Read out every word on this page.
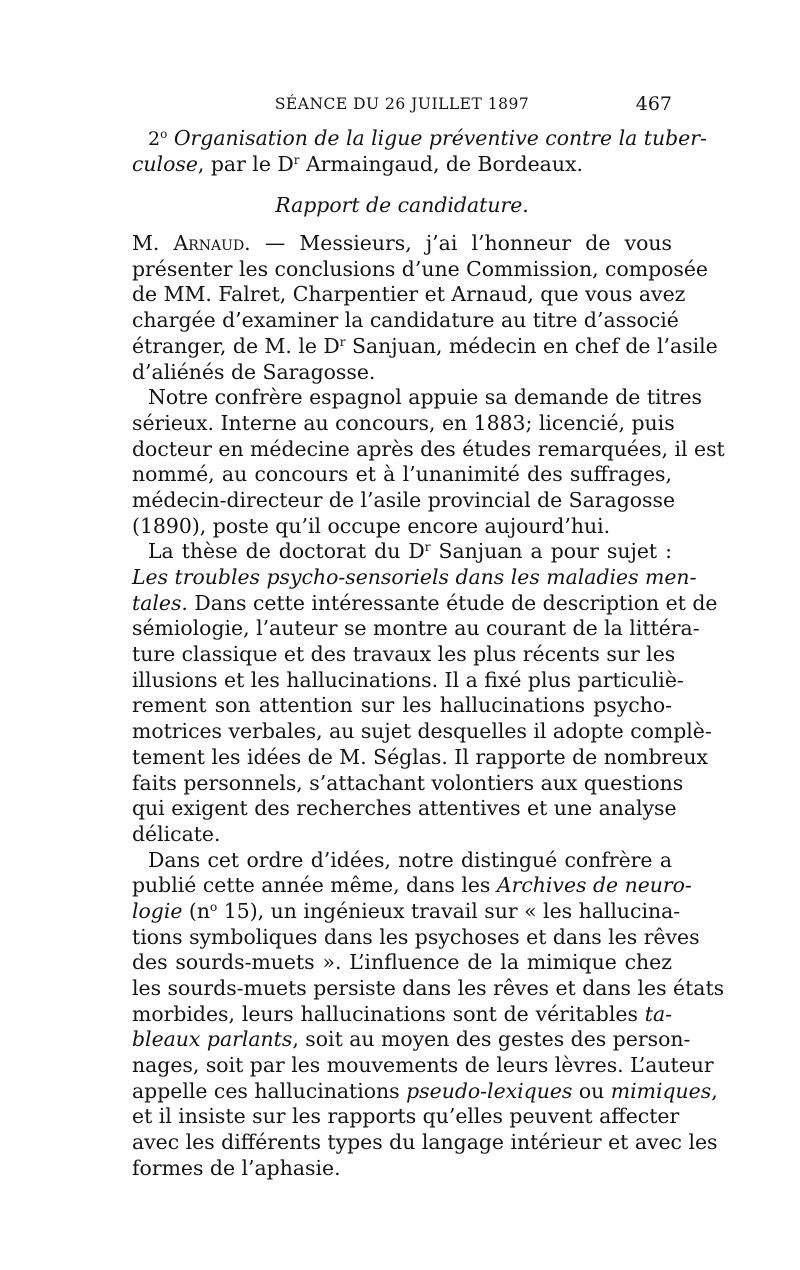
SÉANCE DU 26 JUILLET 1897	467
2$^o$ Organisation de la ligue préventive contre la tuber-
culose, par le $D^r$ Armaingaud, de Bordeaux.
Rapport de candidature.
M. Arnaud. — Messieurs, j’ai l’honneur de vous
présenter les conclusions d’une Commission, composée
de MM. Falret, Charpentier et Arnaud, que vous avez
chargée d’examiner la candidature au titre d’associé
étranger, de M. le $D^r$ Sanjuan, médecin en chef de l’asile
d’aliénés de Saragosse.
Notre confrère espagnol appuie sa demande de titres
sérieux. Interne au concours, en 1883; licencié, puis
docteur en médecine après des études remarquées, il est
nommé, au concours et à l’unanimité des suffrages,
médecin-directeur de l’asile provincial de Saragosse
(1890), poste qu’il occupe encore aujourd’hui.
La thèse de doctorat du $D^r$ Sanjuan a pour sujet :
Les troubles psycho-sensoriels dans les maladies men-
tales. Dans cette intéressante étude de description et de
sémiologie, l’auteur se montre au courant de la littéra-
ture classique et des travaux les plus récents sur les
illusions et les hallucinations. Il a fixé plus particuliè-
rement son attention sur les hallucinations psycho-
motrices verbales, au sujet desquelles il adopte complè-
tement les idées de M. Séglas. Il rapporte de nombreux
faits personnels, s’attachant volontiers aux questions
qui exigent des recherches attentives et une analyse
délicate.
Dans cet ordre d’idées, notre distingué confrère a
publié cette année même, dans les Archives de neuro-
logie ($n^o$ 15), un ingénieux travail sur « les hallucina-
tions symboliques dans les psychoses et dans les rêves
des sourds-muets ». L’influence de la mimique chez
les sourds-muets persiste dans les rêves et dans les états
morbides, leurs hallucinations sont de véritables ta-
bleaux parlants, soit au moyen des gestes des person-
nages, soit par les mouvements de leurs lèvres. L’auteur
appelle ces hallucinations pseudo-lexiques ou mimiques,
et il insiste sur les rapports qu’elles peuvent affecter
avec les différents types du langage intérieur et avec les
formes de l’aphasie.
